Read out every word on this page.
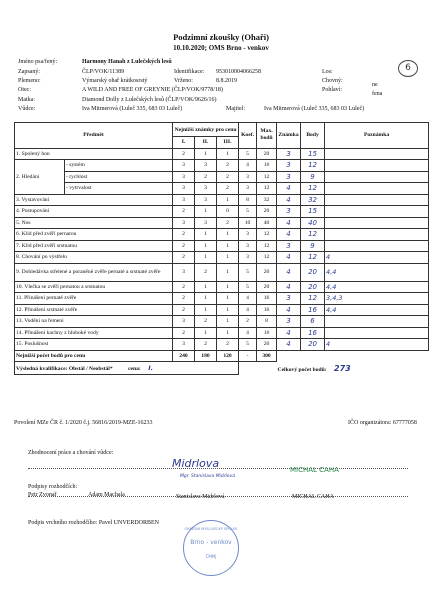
Podzimní zkoušky (Ohaři)
10.10.2020; OMS Brno - venkov
6
Jméno psa/fený:	Harmony Hanah z Lulečských lesů
Zapsaný:	ČLP/VOK/11389	Identifikace: 953010004066258	Los:
Plemeno:	Výmarský ohař krátkosrstý	Vrženo:	8.8.2019	Chovný:
ne
Otec:	A WILD AND FREE OF GREYNIE (ČLP/VOK/9778/18)	Pohlaví:
fena
Matka:	Diamond Dolly z Lulečských lesů (ČLP/VOK/9626/16)
Vůdce:	Iva Mitmerová (Luleč 335, 683 03 Luleč)	Majitel:	Iva Mitmerová (Luleč 335, 683 03 Luleč)
Předmět		Nejnižší známky pro cenu			Koef.	Max. bodů	Známka	Body	Poznámka
		I.	II.	III.					
1. Spolený hon		2	1	1	5	20	3	15	
2. Hledání	- systém	3	3	2	4	16	3	12	
	- rychlost	3	2	2	3	12	3	9	
	- vytrvalost	3	3	2	3	12	4	12	
3. Vystavování		3	3	1	8	32	4	32	
4. Postupování		2	1	0	5	20	3	15	
5. Nos		3	3	2	10	40	4	40	
6. Klid před zvěří pernatou		2	1	1	3	12	4	12	
7. Klid před zvěří srstnatou		2	1	1	3	12	3	9	
8. Chování po výstřelu		2	1	1	3	12	4	12	4
9. Dohledávka střelené a poraněné zvěře pernaté a srstnaté zvěře		3	2	1	5	20	4	20	4,4
10. Vlečka se zvěří pernatou a srstnatou		2	1	1	5	20	4	20	4,4
11. Přinášení pernaté zvěře		2	1	1	4	16	3	12	3,4,3
12. Přinášení srstnaté zvěře		2	1	1	4	16	4	16	4,4
13. Vodění na řemeni		3	2	1	2	8	3	6	
14. Přinášení kachny z hluboké vody		2	1	1	4	16	4	16	
15. Poslušnost		3	2	2	5	20	4	20	4
Nejnižší počet bodů pro cenu		240	180	120	-	300			
Výsledná kvalifikace: Obstál / Neobstál* cena: I.							Celkový počet bodů: 273		
Povolení MZe ČR č. 1/2020 č.j. 56816/2019-MZE-16233	IČO organizátora: 67777058
Zhodnocení práce a chování vůdce:
Midrlova
Mgr. Stanislava Midrlová
MICHAL CAHA
Podpisy rozhodčích:
Petr Zvonař	Adam Machala	Stanislava Midrlová	MICHAL CAHA
Podpis vrchního rozhodčího: Pavel UNVERDORBEN
OKRESNÍ MYSLIVECKÝ SPOLEK
Brno - venkov
ČMMJ
